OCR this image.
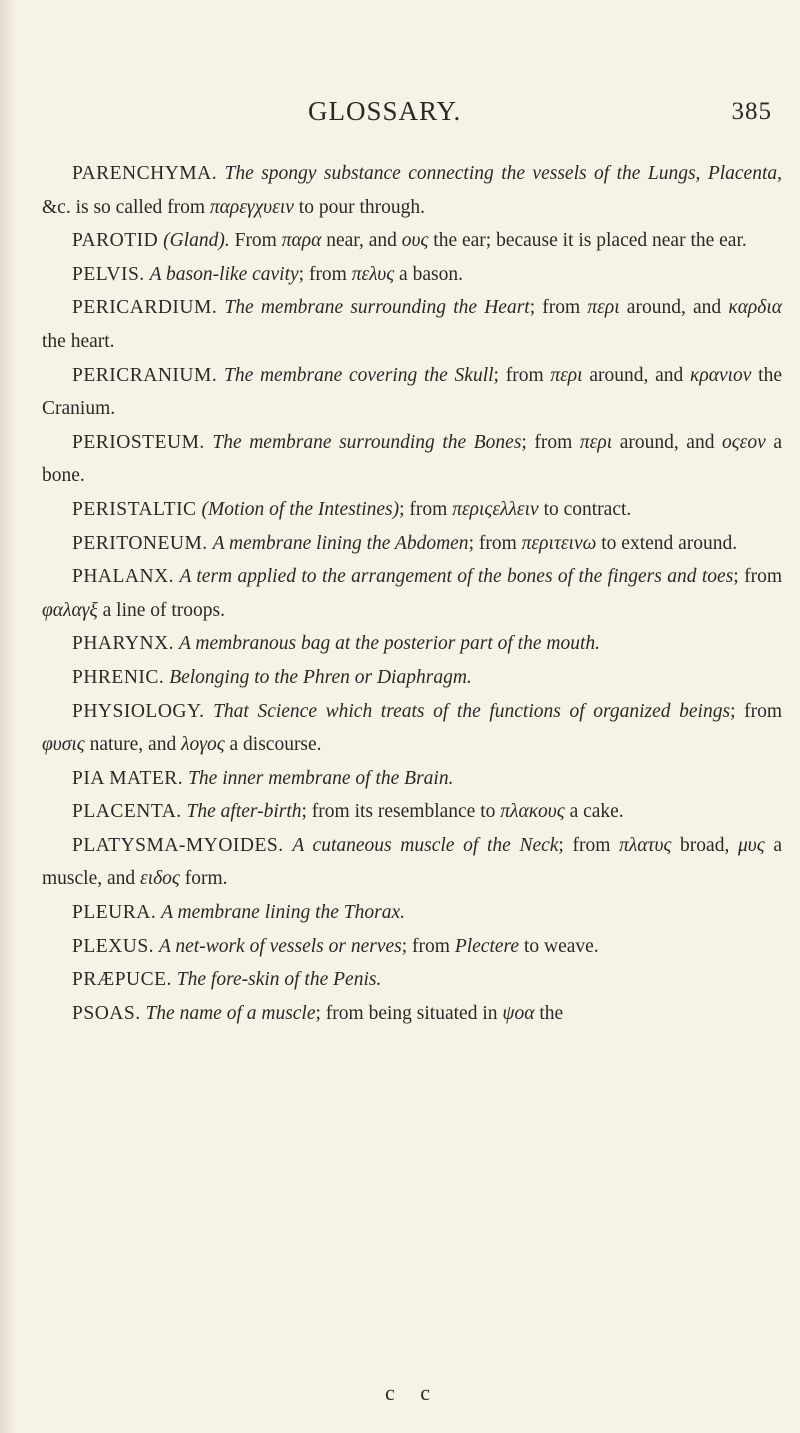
GLOSSARY.	385

PARENCHYMA. The spongy substance connecting the vessels of the Lungs, Placenta, &c. is so called from παρεγχυειν to pour through.

PAROTID (Gland). From παρα near, and ους the ear; because it is placed near the ear.

PELVIS. A bason-like cavity; from πελυς a bason.

PERICARDIUM. The membrane surrounding the Heart; from περι around, and καρδια the heart.

PERICRANIUM. The membrane covering the Skull; from περι around, and κρανιον the Cranium.

PERIOSTEUM. The membrane surrounding the Bones; from περι around, and οςεον a bone.

PERISTALTIC (Motion of the Intestines); from περιςελλειν to contract.

PERITONEUM. A membrane lining the Abdomen; from περιτεινω to extend around.

PHALANX. A term applied to the arrangement of the bones of the fingers and toes; from φαλαγξ a line of troops.

PHARYNX. A membranous bag at the posterior part of the mouth.

PHRENIC. Belonging to the Phren or Diaphragm.

PHYSIOLOGY. That Science which treats of the functions of organized beings; from φυσις nature, and λογος a discourse.

PIA MATER. The inner membrane of the Brain.

PLACENTA. The after-birth; from its resemblance to πλακους a cake.

PLATYSMA-MYOIDES. A cutaneous muscle of the Neck; from πλατυς broad, μυς a muscle, and ειδος form.

PLEURA. A membrane lining the Thorax.

PLEXUS. A net-work of vessels or nerves; from Plectere to weave.

PRÆPUCE. The fore-skin of the Penis.

PSOAS. The name of a muscle; from being situated in ψοα the

c c
